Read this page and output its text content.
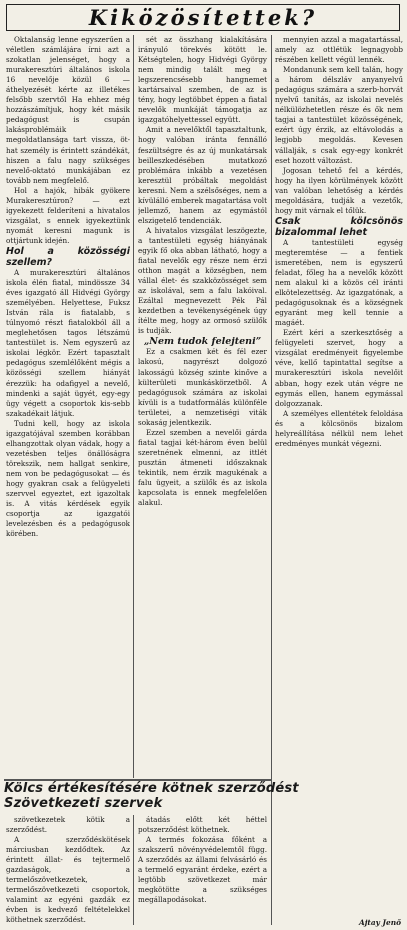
Kiközösítettek?

Oktalanság lenne egyszerűen a véletlen számlájára írni azt a szokatlan jelenséget, hogy a murakeresztúri általános iskola 16 nevelője közül 6 — áthelyezését kérte az illetékes felsőbb szervtől Ha ehhez még hozzászámítjuk, hogy két másik pedagógust is csupán lakásproblémáik megoldatlansága tart vissza, öt-hat személy is érintett szándékát, hiszen a falu nagy szükséges nevelő-oktató munkájában ez tovább nem megfelelő.

Hol a hajók, hibák gyökere Murakeresztúron? — ezt igyekezett felderíteni a hivatalos vizsgálat, s ennek igyekeztünk nyomát keresni magunk is ottjártunk idején.

Hol a közösségi szellem?

A murakeresztúri általános iskola élén fiatal, mindössze 34 éves igazgató áll Hidvégi György személyében. Helyettese, Fuksz István rála is fiatalabb, s túlnyomó részt fiatalokból áll a meglehetősen tagos létszámú tantestület is. Nem egyszerű az iskolai légkör. Ezért tapasztalt pedagógus szemlélőként mégis a közösségi szellem hiányát érezzük: ha odafigyel a nevelő, mindenki a saját ügyét, egy-egy ügy végett a csoportok kis-sebb szakadékait látjuk.

Tudni kell, hogy az iskola igazgatójával szemben korábban elhangzottak olyan vádak, hogy a vezetésben teljes önállóságra törekszik, nem hallgat senkire, nem von be pedagógusokat — és hogy gyakran csak a felügyeleti szervvel egyeztet, ezt igazoltak is. A vitás kérdések egyik csoportja az igazgatói levelezésben és a pedagógusok körében.

sét az összhang kialakítására irányuló törekvés kötött le. Kétségtelen, hogy Hidvégi György nem mindig talált meg a legszerencsésebb hangnemet kartársaival szemben, de az is tény, hogy legtöbbet éppen a fiatal nevelők munkáját támogatja az igazgatóhelyettessel együtt.

Amit a nevelőktől tapasztaltunk, hogy valóban iránta fennálló feszültségre és az új munkatársak beilleszkedésében mutatkozó problémára inkább a vezetésen keresztül próbáltak megoldást keresni. Nem a szélsőséges, nem a kívülálló emberek magatartása volt jellemző, hanem az egymástól elszigetelő tendenciák.

A hivatalos vizsgálat leszögezte, a tantestületi egység hiányának egyik fő oka abban látható, hogy a fiatal nevelők egy része nem érzi otthon magát a községben, nem vállal élet- és szakközösséget sem az iskolával, sem a falu lakóival. Ezáltal megnevezett Pék Pál kezdetben a tevékenységének úgy ítélte meg, hogy az ormosó szülők is tudják.

„Nem tudok felejteni”

Ez a csakmen két és fél ezer lakosú, nagyrészt dolgozó lakosságú község szinte kinőve a külterületi munkáskörzetből. A pedagógusok számára az iskolai kívüli is a tudatformálás különféle területei, a nemzetiségi viták sokaság jelentkezik.

Ezzel szemben a nevelői gárda fiatal tagjai két-három éven belül szeretnének elmenni, az ittlét pusztán átmeneti időszaknak tekintik, nem érzik magukénak a falu ügyeit, a szülők és az iskola kapcsolata is ennek megfelelően alakul.

mennyien azzal a magatartással, amely az ottlétük legnagyobb részében kellett végül lennék.

Mondanunk sem kell talán, hogy a három délszláv anyanyelvű pedagógus számára a szerb-horvát nyelvű tanítás, az iskolai nevelés nélkülözhetetlen része és ők nem tagjai a tantestület közösségének, ezért úgy érzik, az eltávolodás a legjobb megoldás. Kevesen vállalják, s csak egy-egy konkrét eset hozott változást.

Jogosan tehető fel a kérdés, hogy ha ilyen körülmények között van valóban lehetőség a kérdés megoldására, tudják a vezetők, hogy mit várnak el tőlük.

Csak kölcsönös bizalommal lehet

A tantestületi egység megteremtése — a fentiek ismeretében, nem is egyszerű feladat, főleg ha a nevelők között nem alakul ki a közös cél iránti elkötelezettség. Az igazgatónak, a pedagógusoknak és a községnek egyaránt meg kell tennie a magáét.

Ezért kéri a szerkesztőség a felügyeleti szervet, hogy a vizsgálat eredményeit figyelembe véve, kellő tapintattal segítse a murakeresztúri iskola nevelőit abban, hogy ezek után végre ne egymás ellen, hanem egymással dolgozzanak.

A személyes ellentétek feloldása és a kölcsönös bizalom helyreállítása nélkül nem lehet eredményes munkát végezni.

Kölcs értékesítésére kötnek szerződést
Szövetkezeti szervek

szövetkezetek kötik a szerződést.

A szerződéskötések márciusban kezdődtek. Az érintett állat- és tejtermelő gazdaságok, a termelőszövetkezetek, termelőszövetkezeti csoportok, valamint az egyéni gazdák ez évben is kedvező feltételekkel köthetnek szerződést.

átadás előtt két héttel potszerződést köthetnek.

A termés fokozása főként a szakszerű növényvédelemtől függ. A szerződés az állami felvásárló és a termelő egyaránt érdeke, ezért a legtöbb szövetkezet már megkötötte a szükséges megállapodásokat.

Ajtay Jenő
